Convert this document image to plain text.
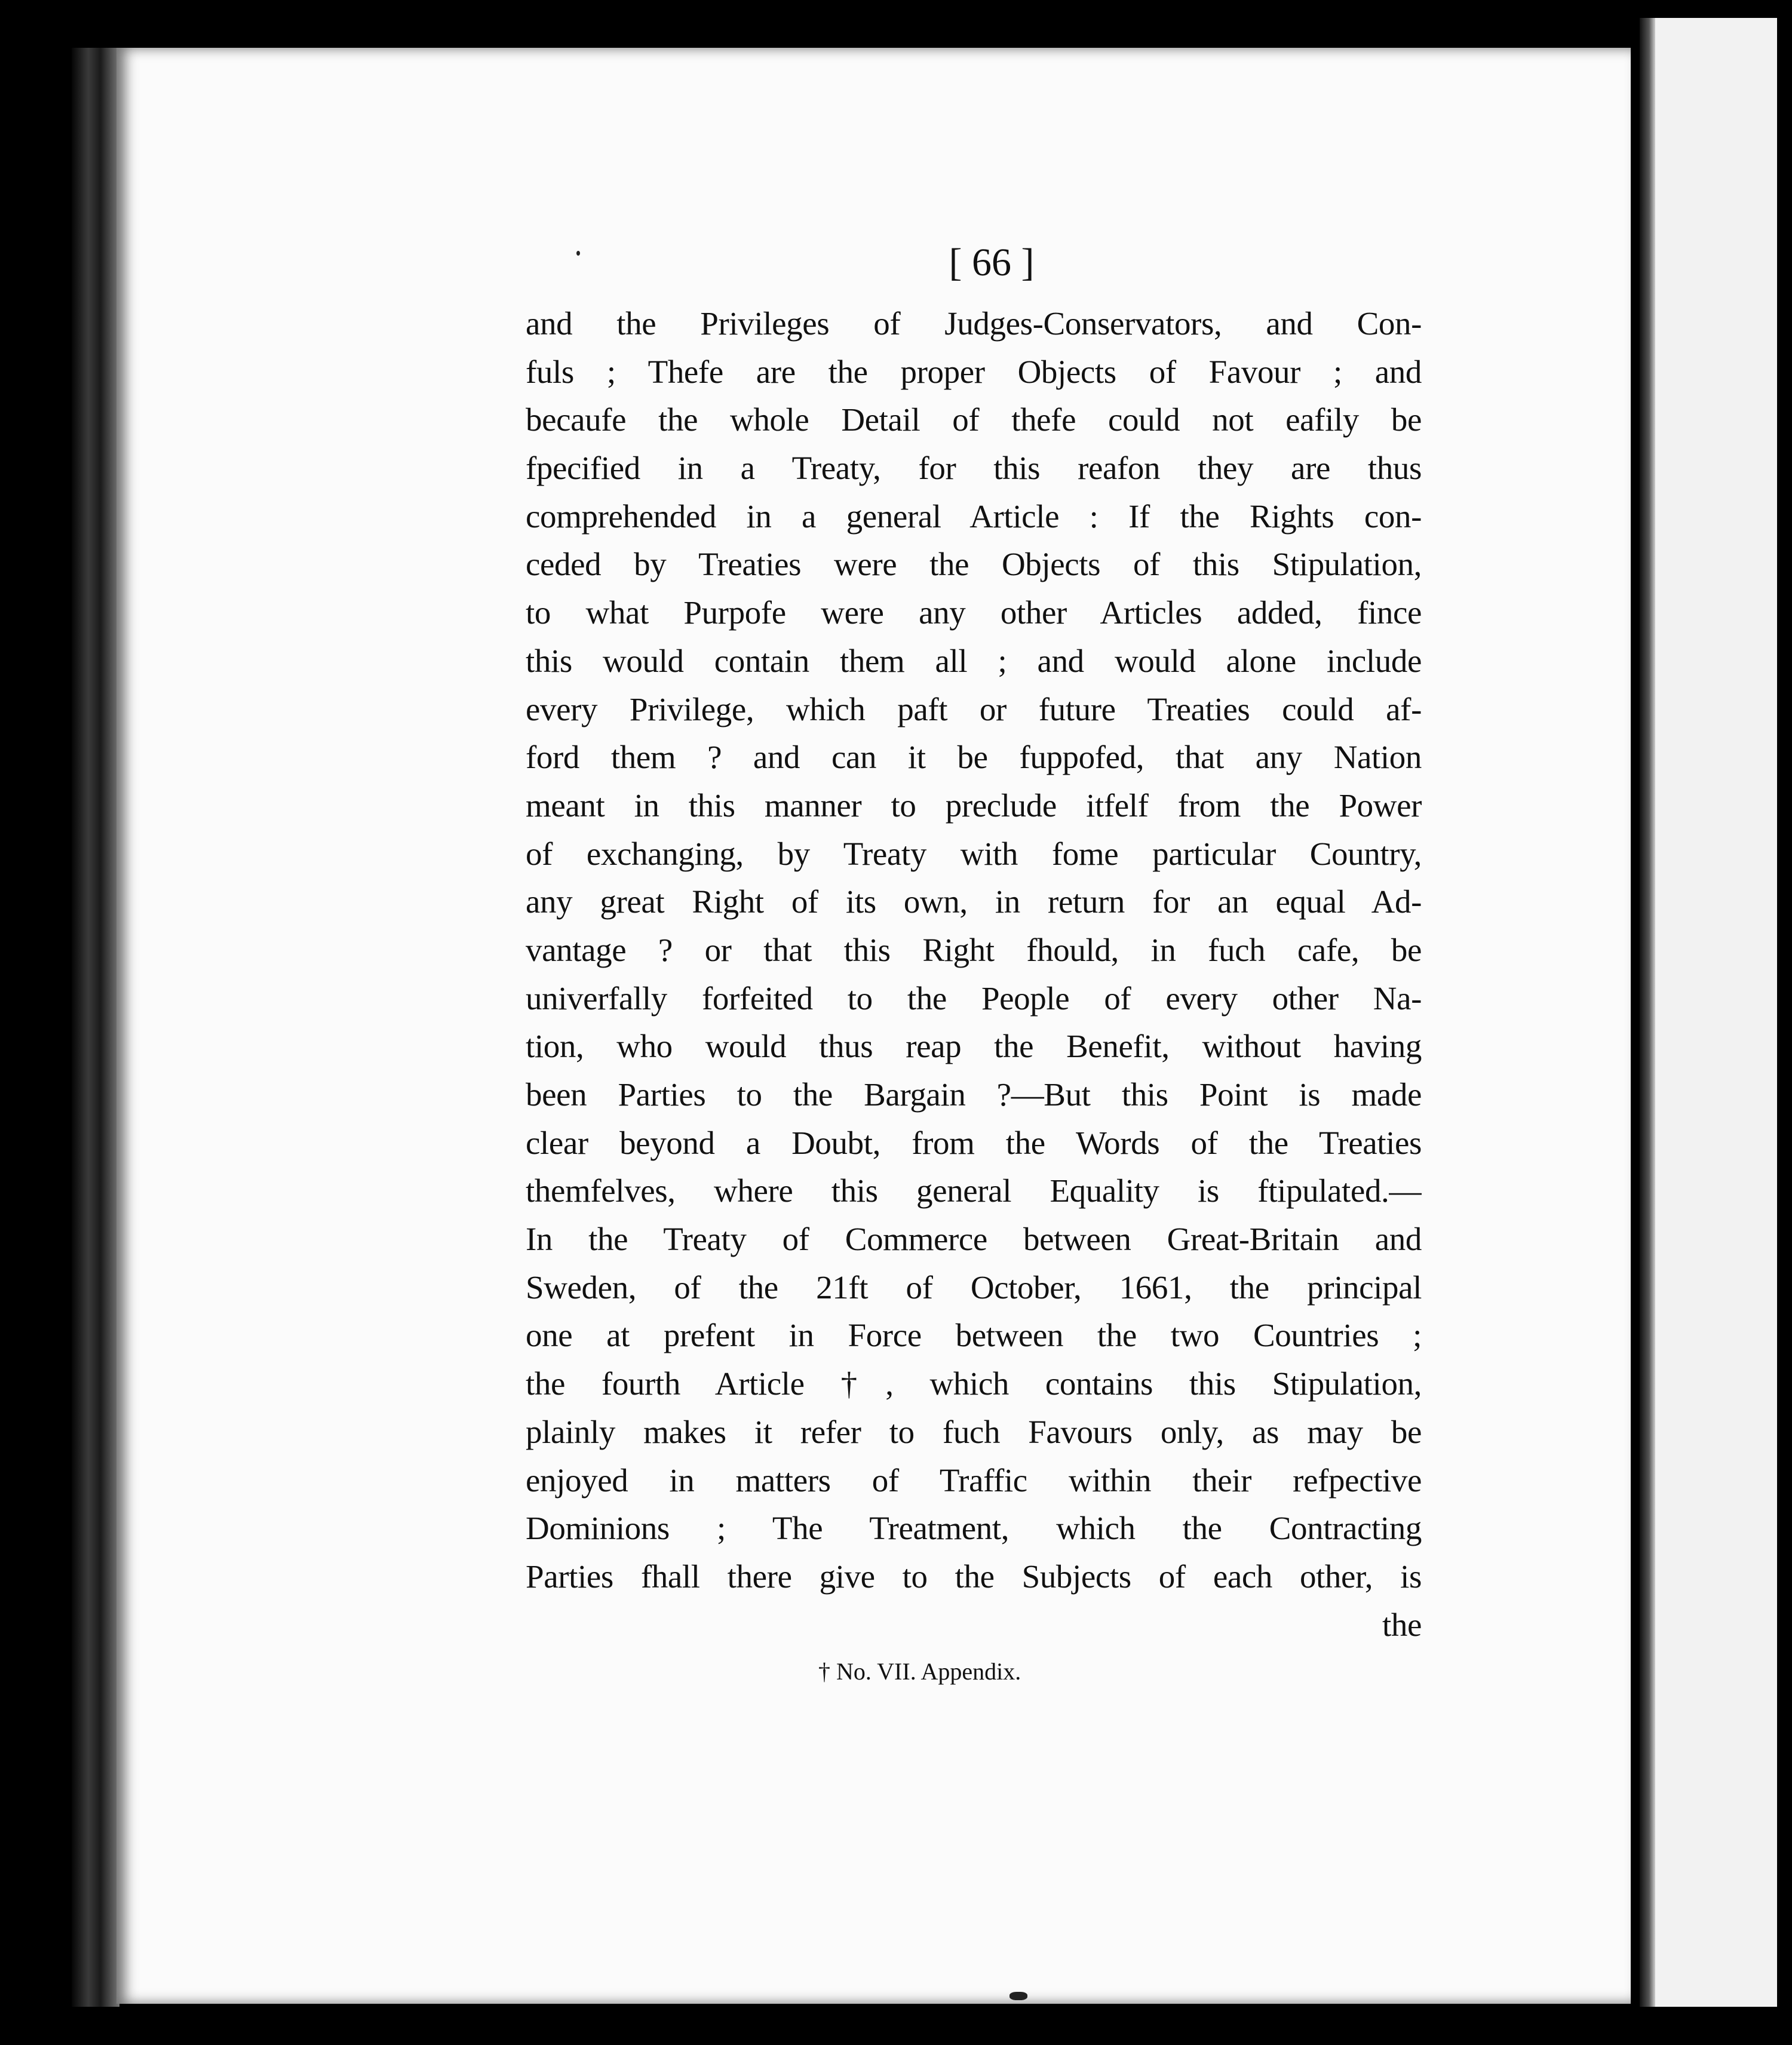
[ 66 ]
and the Privileges of Judges-Conservators, and Con-
fuls ; Thefe are the proper Objects of Favour ; and
becaufe the whole Detail of thefe could not eafily be
fpecified in a Treaty, for this reafon they are thus
comprehended in a general Article : If the Rights con-
ceded by Treaties were the Objects of this Stipulation,
to what Purpofe were any other Articles added, fince
this would contain them all ; and would alone include
every Privilege, which paft or future Treaties could af-
ford them ? and can it be fuppofed, that any Nation
meant in this manner to preclude itfelf from the Power
of exchanging, by Treaty with fome particular Country,
any great Right of its own, in return for an equal Ad-
vantage ? or that this Right fhould, in fuch cafe, be
univerfally forfeited to the People of every other Na-
tion, who would thus reap the Benefit, without having
been Parties to the Bargain ?—But this Point is made
clear beyond a Doubt, from the Words of the Treaties
themfelves, where this general Equality is ftipulated.—
In the Treaty of Commerce between Great-Britain and
Sweden, of the 21ft of October, 1661, the principal
one at prefent in Force between the two Countries ;
the fourth Article †, which contains this Stipulation,
plainly makes it refer to fuch Favours only, as may be
enjoyed in matters of Traffic within their refpective
Dominions ; The Treatment, which the Contracting
Parties fhall there give to the Subjects of each other, is
the
† No. VII. Appendix.
